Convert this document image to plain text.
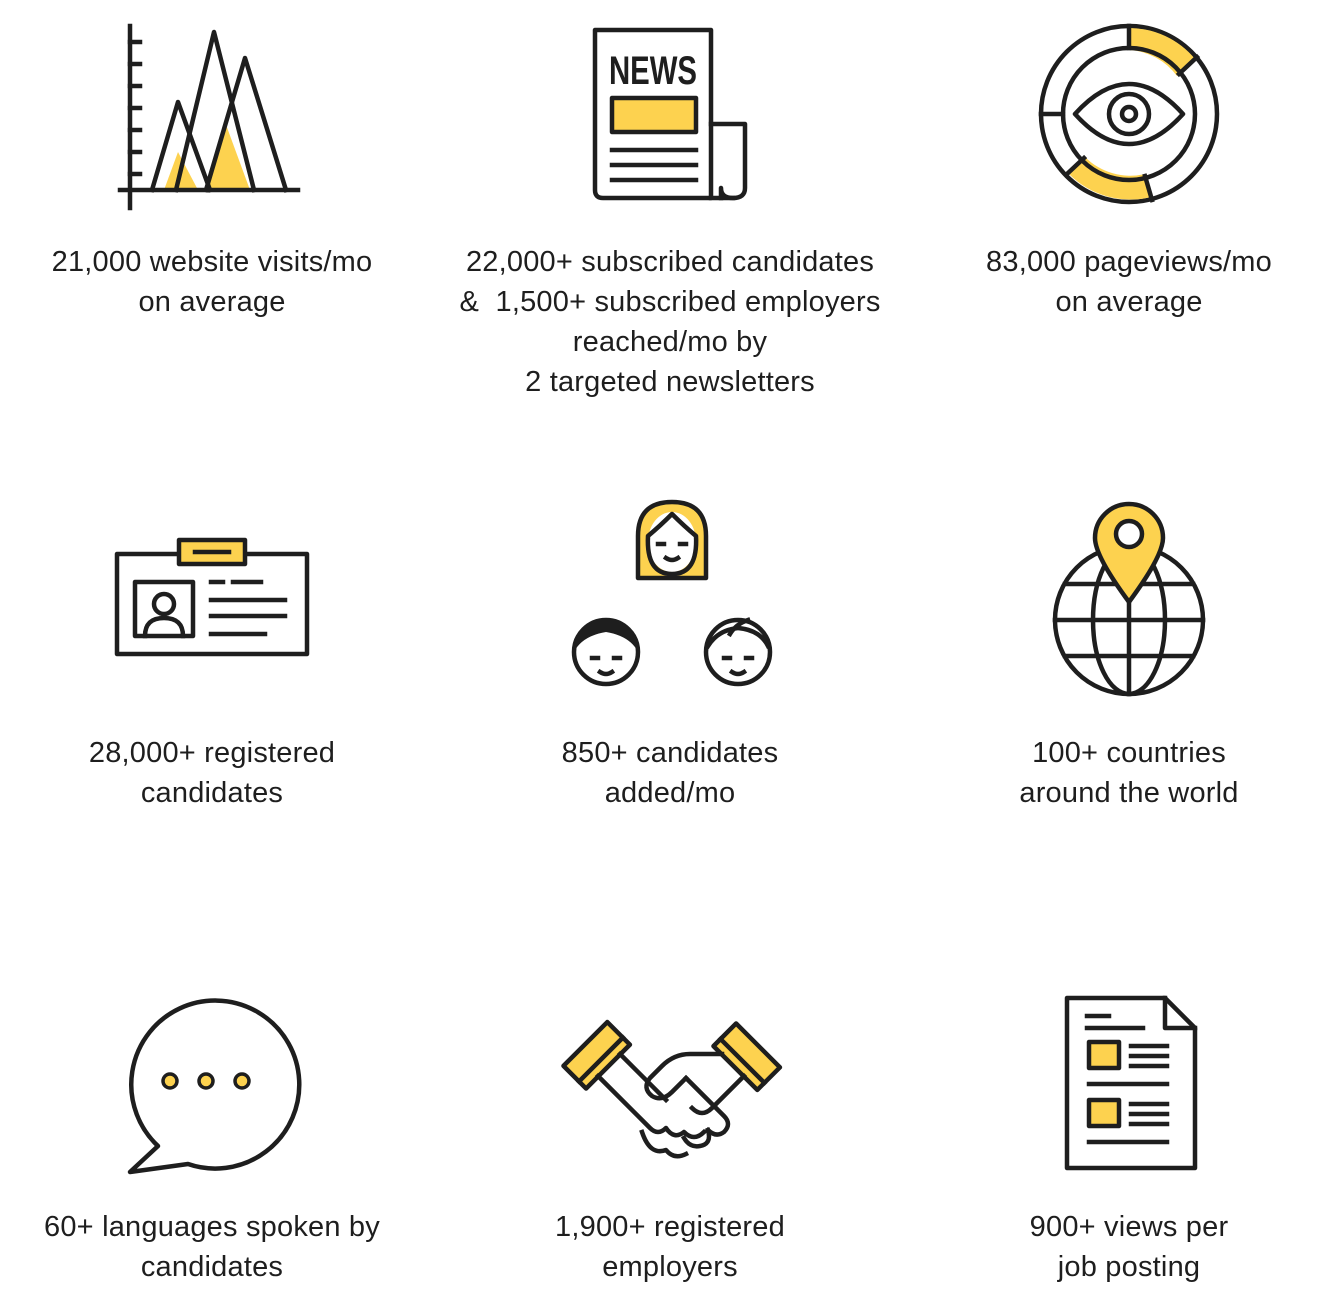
21,000 website visits/mo
on average
NEWS
22,000+ subscribed candidates
&  1,500+ subscribed employers
reached/mo by
2 targeted newsletters
83,000 pageviews/mo
on average
28,000+ registered
candidates
850+ candidates
added/mo
100+ countries
around the world
60+ languages spoken by
candidates
1,900+ registered
employers
900+ views per
job posting
